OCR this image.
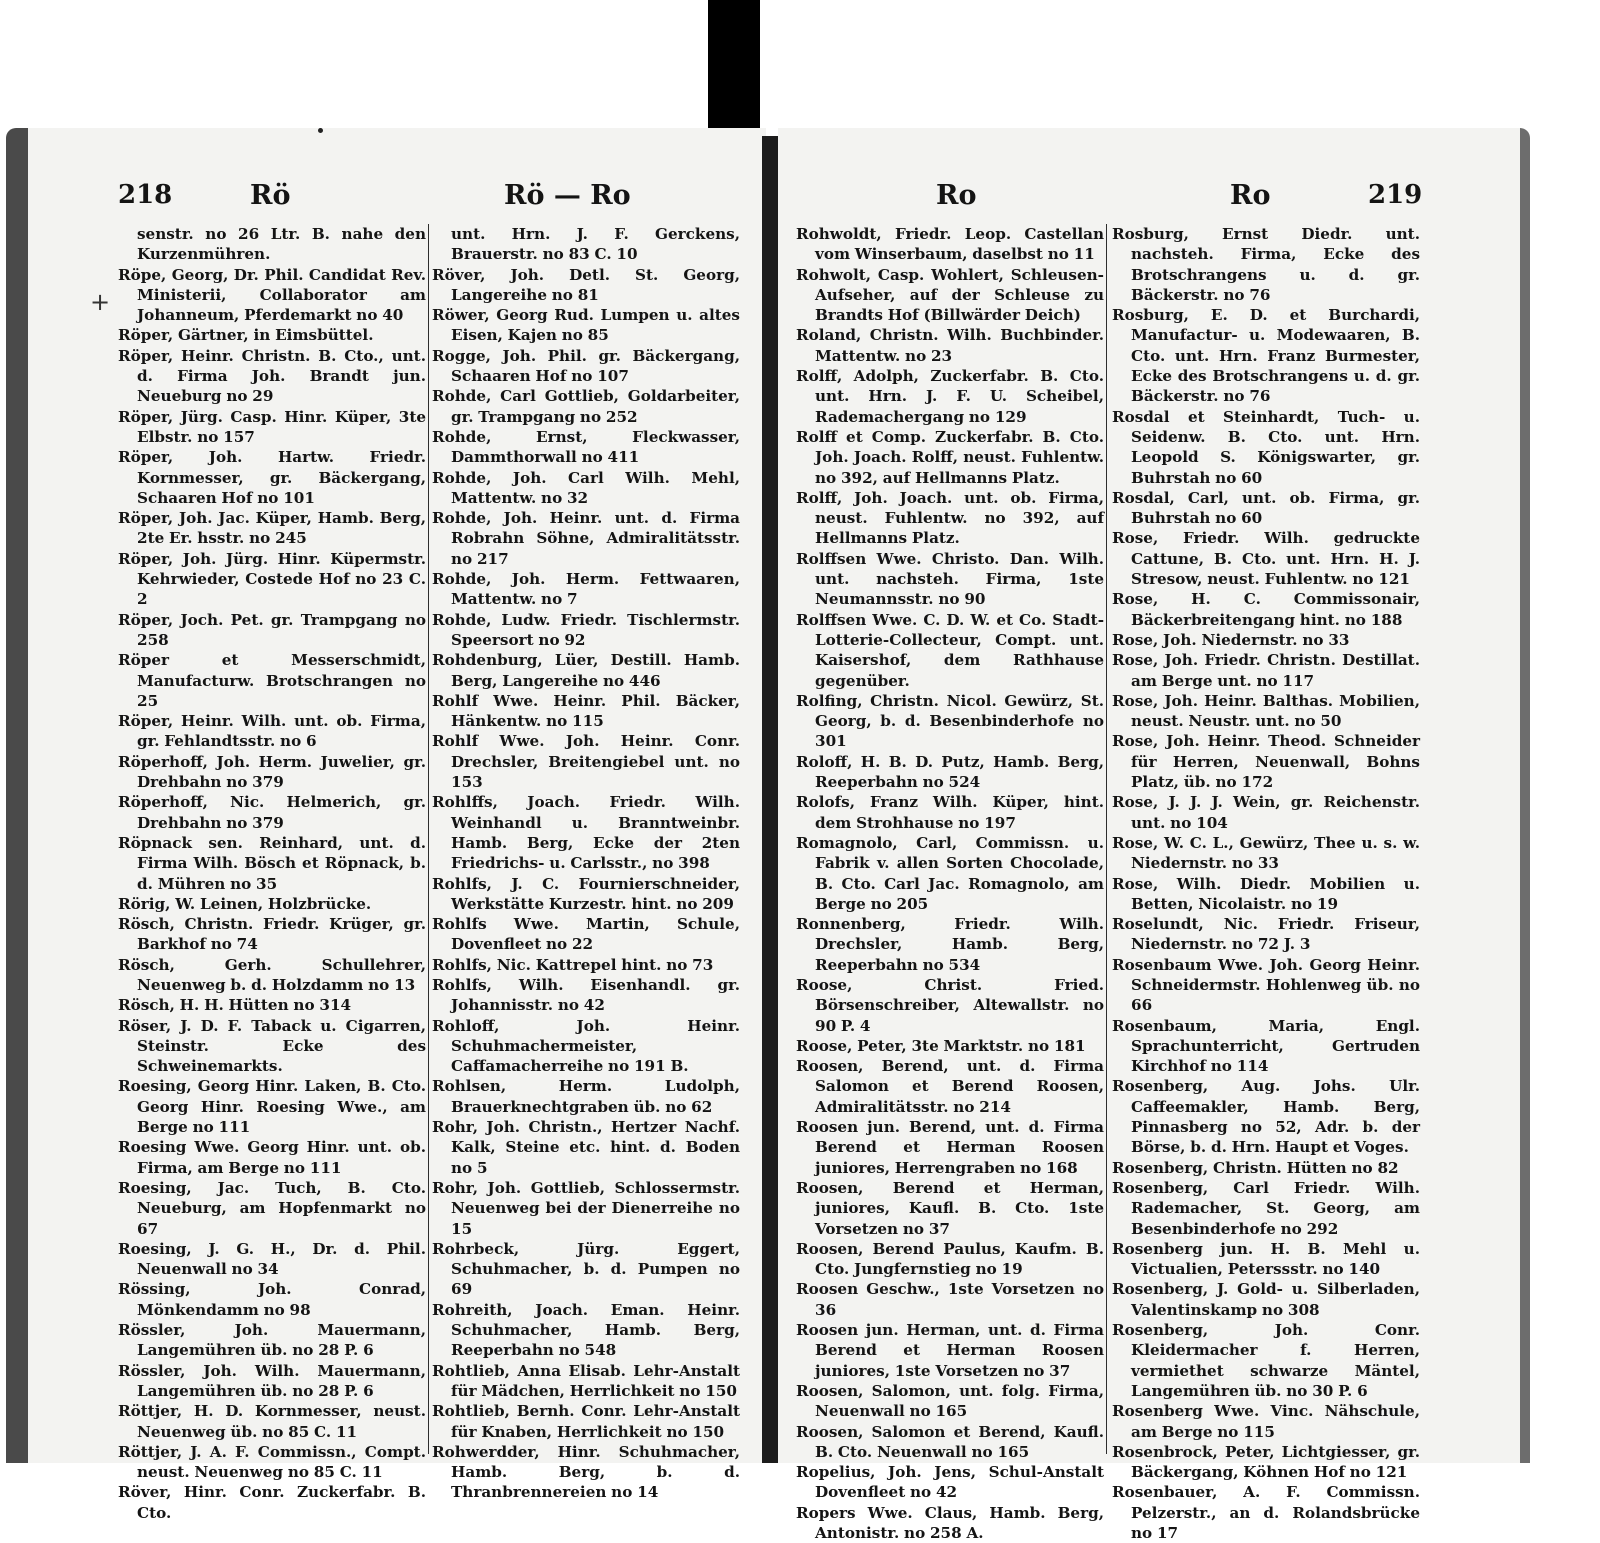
218	Rö	Rö — Ro
senstr. no 26 Ltr. B. nahe den Kurzenmühren.
Röpe, Georg, Dr. Phil. Candidat Rev. Ministerii, Collaborator am Johanneum, Pferdemarkt no 40
Röper, Gärtner, in Eimsbüttel.
Röper, Heinr. Christn. B. Cto., unt. d. Firma Joh. Brandt jun. Neueburg no 29
Röper, Jürg. Casp. Hinr. Küper, 3te Elbstr. no 157
Röper, Joh. Hartw. Friedr. Kornmesser, gr. Bäckergang, Schaaren Hof no 101
Röper, Joh. Jac. Küper, Hamb. Berg, 2te Er. hsstr. no 245
Röper, Joh. Jürg. Hinr. Küpermstr. Kehrwieder, Costede Hof no 23 C. 2
Röper, Joch. Pet. gr. Trampgang no 258
Röper et Messerschmidt, Manufacturw. Brotschrangen no 25
Röper, Heinr. Wilh. unt. ob. Firma, gr. Fehlandtsstr. no 6
Röperhoff, Joh. Herm. Juwelier, gr. Drehbahn no 379
Röperhoff, Nic. Helmerich, gr. Drehbahn no 379
Röpnack sen. Reinhard, unt. d. Firma Wilh. Bösch et Röpnack, b. d. Mühren no 35
Rörig, W. Leinen, Holzbrücke.
Rösch, Christn. Friedr. Krüger, gr. Barkhof no 74
Rösch, Gerh. Schullehrer, Neuenweg b. d. Holzdamm no 13
Rösch, H. H. Hütten no 314
Röser, J. D. F. Taback u. Cigarren, Steinstr. Ecke des Schweinemarkts.
Roesing, Georg Hinr. Laken, B. Cto. Georg Hinr. Roesing Wwe., am Berge no 111
Roesing Wwe. Georg Hinr. unt. ob. Firma, am Berge no 111
Roesing, Jac. Tuch, B. Cto. Neueburg, am Hopfenmarkt no 67
Roesing, J. G. H., Dr. d. Phil. Neuenwall no 34
Rössing, Joh. Conrad, Mönkendamm no 98
Rössler, Joh. Mauermann, Langemühren üb. no 28 P. 6
Rössler, Joh. Wilh. Mauermann, Langemühren üb. no 28 P. 6
Röttjer, H. D. Kornmesser, neust. Neuenweg üb. no 85 C. 11
Röttjer, J. A. F. Commissn., Compt. neust. Neuenweg no 85 C. 11
Röver, Hinr. Conr. Zuckerfabr. B. Cto.
unt. Hrn. J. F. Gerckens, Brauerstr. no 83 C. 10
Röver, Joh. Detl. St. Georg, Langereihe no 81
Röwer, Georg Rud. Lumpen u. altes Eisen, Kajen no 85
Rogge, Joh. Phil. gr. Bäckergang, Schaaren Hof no 107
Rohde, Carl Gottlieb, Goldarbeiter, gr. Trampgang no 252
Rohde, Ernst, Fleckwasser, Dammthorwall no 411
Rohde, Joh. Carl Wilh. Mehl, Mattentw. no 32
Rohde, Joh. Heinr. unt. d. Firma Robrahn Söhne, Admiralitätsstr. no 217
Rohde, Joh. Herm. Fettwaaren, Mattentw. no 7
Rohde, Ludw. Friedr. Tischlermstr. Speersort no 92
Rohdenburg, Lüer, Destill. Hamb. Berg, Langereihe no 446
Rohlf Wwe. Heinr. Phil. Bäcker, Hänkentw. no 115
Rohlf Wwe. Joh. Heinr. Conr. Drechsler, Breitengiebel unt. no 153
Rohlffs, Joach. Friedr. Wilh. Weinhandl u. Branntweinbr. Hamb. Berg, Ecke der 2ten Friedrichs- u. Carlsstr., no 398
Rohlfs, J. C. Fournierschneider, Werkstätte Kurzestr. hint. no 209
Rohlfs Wwe. Martin, Schule, Dovenfleet no 22
Rohlfs, Nic. Kattrepel hint. no 73
Rohlfs, Wilh. Eisenhandl. gr. Johannisstr. no 42
Rohloff, Joh. Heinr. Schuhmachermeister, Caffamacherreihe no 191 B.
Rohlsen, Herm. Ludolph, Brauerknechtgraben üb. no 62
Rohr, Joh. Christn., Hertzer Nachf. Kalk, Steine etc. hint. d. Boden no 5
Rohr, Joh. Gottlieb, Schlossermstr. Neuenweg bei der Dienerreihe no 15
Rohrbeck, Jürg. Eggert, Schuhmacher, b. d. Pumpen no 69
Rohreith, Joach. Eman. Heinr. Schuhmacher, Hamb. Berg, Reeperbahn no 548
Rohtlieb, Anna Elisab. Lehr-Anstalt für Mädchen, Herrlichkeit no 150
Rohtlieb, Bernh. Conr. Lehr-Anstalt für Knaben, Herrlichkeit no 150
Rohwerdder, Hinr. Schuhmacher, Hamb. Berg, b. d. Thranbrennereien no 14
+
Ro	Ro	219
Rohwoldt, Friedr. Leop. Castellan vom Winserbaum, daselbst no 11
Rohwolt, Casp. Wohlert, Schleusen-Aufseher, auf der Schleuse zu Brandts Hof (Billwärder Deich)
Roland, Christn. Wilh. Buchbinder. Mattentw. no 23
Rolff, Adolph, Zuckerfabr. B. Cto. unt. Hrn. J. F. U. Scheibel, Rademachergang no 129
Rolff et Comp. Zuckerfabr. B. Cto. Joh. Joach. Rolff, neust. Fuhlentw. no 392, auf Hellmanns Platz.
Rolff, Joh. Joach. unt. ob. Firma, neust. Fuhlentw. no 392, auf Hellmanns Platz.
Rolffsen Wwe. Christo. Dan. Wilh. unt. nachsteh. Firma, 1ste Neumannsstr. no 90
Rolffsen Wwe. C. D. W. et Co. Stadt-Lotterie-Collecteur, Compt. unt. Kaisershof, dem Rathhause gegenüber.
Rolfing, Christn. Nicol. Gewürz, St. Georg, b. d. Besenbinderhofe no 301
Roloff, H. B. D. Putz, Hamb. Berg, Reeperbahn no 524
Rolofs, Franz Wilh. Küper, hint. dem Strohhause no 197
Romagnolo, Carl, Commissn. u. Fabrik v. allen Sorten Chocolade, B. Cto. Carl Jac. Romagnolo, am Berge no 205
Ronnenberg, Friedr. Wilh. Drechsler, Hamb. Berg, Reeperbahn no 534
Roose, Christ. Fried. Börsenschreiber, Altewallstr. no 90 P. 4
Roose, Peter, 3te Marktstr. no 181
Roosen, Berend, unt. d. Firma Salomon et Berend Roosen, Admiralitätsstr. no 214
Roosen jun. Berend, unt. d. Firma Berend et Herman Roosen juniores, Herrengraben no 168
Roosen, Berend et Herman, juniores, Kaufl. B. Cto. 1ste Vorsetzen no 37
Roosen, Berend Paulus, Kaufm. B. Cto. Jungfernstieg no 19
Roosen Geschw., 1ste Vorsetzen no 36
Roosen jun. Herman, unt. d. Firma Berend et Herman Roosen juniores, 1ste Vorsetzen no 37
Roosen, Salomon, unt. folg. Firma, Neuenwall no 165
Roosen, Salomon et Berend, Kaufl. B. Cto. Neuenwall no 165
Ropelius, Joh. Jens, Schul-Anstalt Dovenfleet no 42
Ropers Wwe. Claus, Hamb. Berg, Antonistr. no 258 A.
Rosburg, Ernst Diedr. unt. nachsteh. Firma, Ecke des Brotschrangens u. d. gr. Bäckerstr. no 76
Rosburg, E. D. et Burchardi, Manufactur- u. Modewaaren, B. Cto. unt. Hrn. Franz Burmester, Ecke des Brotschrangens u. d. gr. Bäckerstr. no 76
Rosdal et Steinhardt, Tuch- u. Seidenw. B. Cto. unt. Hrn. Leopold S. Königswarter, gr. Buhrstah no 60
Rosdal, Carl, unt. ob. Firma, gr. Buhrstah no 60
Rose, Friedr. Wilh. gedruckte Cattune, B. Cto. unt. Hrn. H. J. Stresow, neust. Fuhlentw. no 121
Rose, H. C. Commissonair, Bäckerbreitengang hint. no 188
Rose, Joh. Niedernstr. no 33
Rose, Joh. Friedr. Christn. Destillat. am Berge unt. no 117
Rose, Joh. Heinr. Balthas. Mobilien, neust. Neustr. unt. no 50
Rose, Joh. Heinr. Theod. Schneider für Herren, Neuenwall, Bohns Platz, üb. no 172
Rose, J. J. J. Wein, gr. Reichenstr. unt. no 104
Rose, W. C. L., Gewürz, Thee u. s. w. Niedernstr. no 33
Rose, Wilh. Diedr. Mobilien u. Betten, Nicolaistr. no 19
Roselundt, Nic. Friedr. Friseur, Niedernstr. no 72 J. 3
Rosenbaum Wwe. Joh. Georg Heinr. Schneidermstr. Hohlenweg üb. no 66
Rosenbaum, Maria, Engl. Sprachunterricht, Gertruden Kirchhof no 114
Rosenberg, Aug. Johs. Ulr. Caffeemakler, Hamb. Berg, Pinnasberg no 52, Adr. b. der Börse, b. d. Hrn. Haupt et Voges.
Rosenberg, Christn. Hütten no 82
Rosenberg, Carl Friedr. Wilh. Rademacher, St. Georg, am Besenbinderhofe no 292
Rosenberg jun. H. B. Mehl u. Victualien, Peterssstr. no 140
Rosenberg, J. Gold- u. Silberladen, Valentinskamp no 308
Rosenberg, Joh. Conr. Kleidermacher f. Herren, vermiethet schwarze Mäntel, Langemühren üb. no 30 P. 6
Rosenberg Wwe. Vinc. Nähschule, am Berge no 115
Rosenbrock, Peter, Lichtgiesser, gr. Bäckergang, Köhnen Hof no 121
Rosenbauer, A. F. Commissn. Pelzerstr., an d. Rolandsbrücke no 17
